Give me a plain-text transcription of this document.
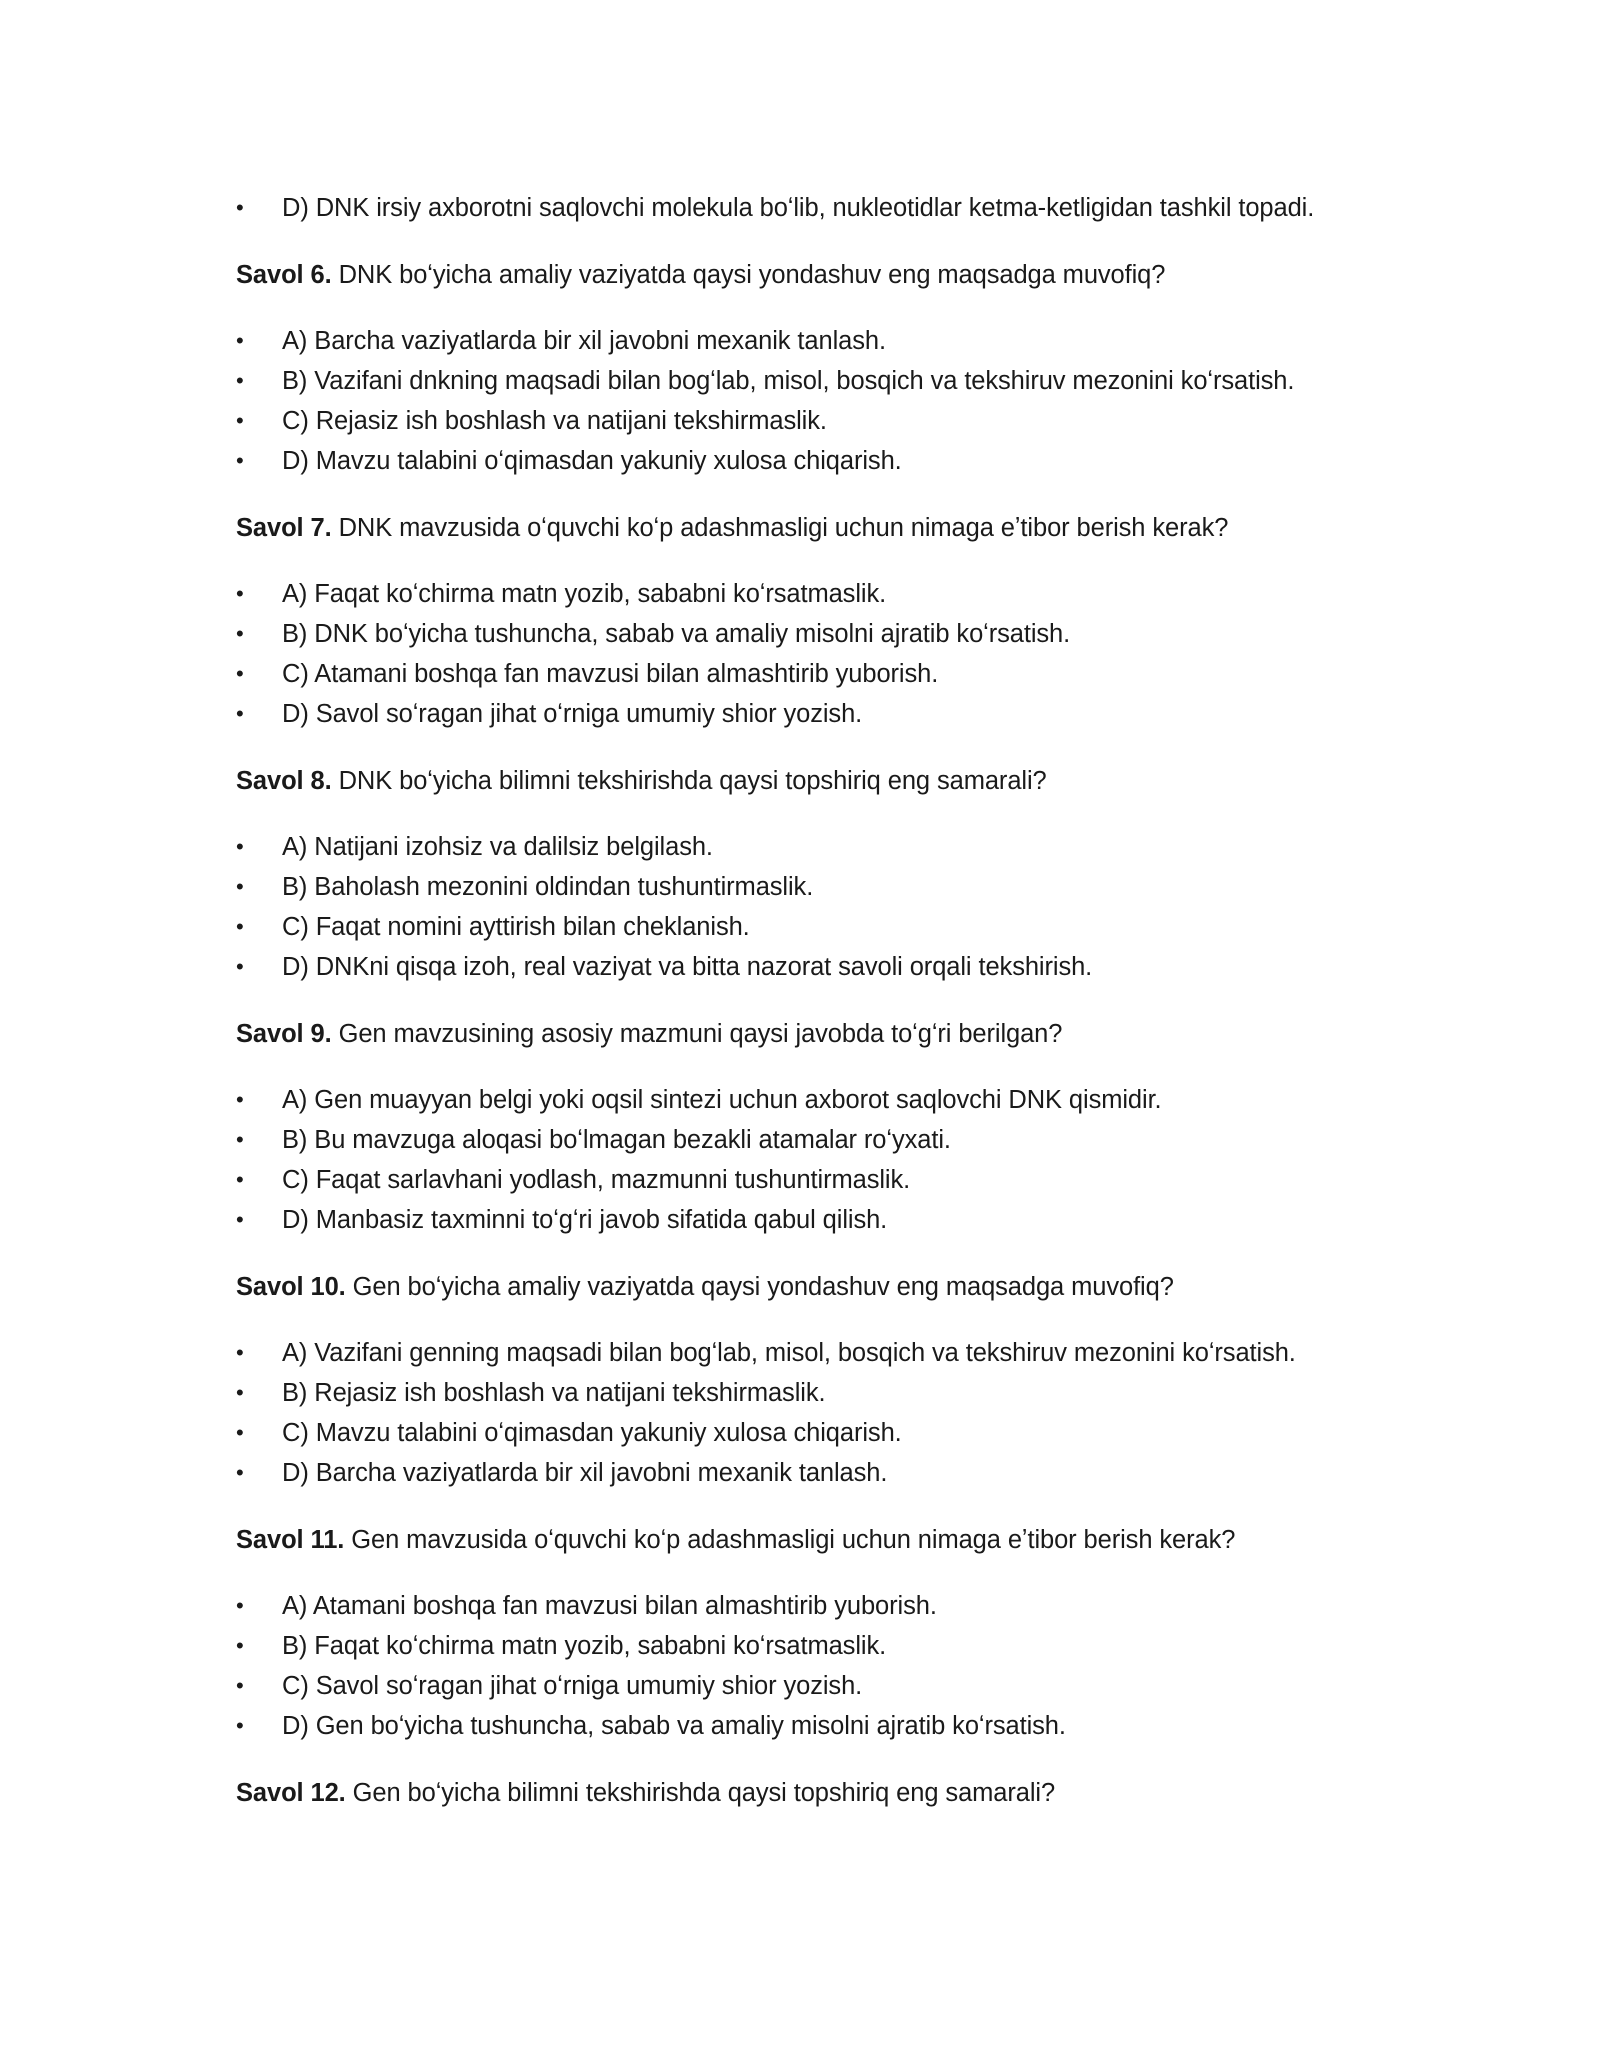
•	D) DNK irsiy axborotni saqlovchi molekula boʻlib, nukleotidlar ketma-ketligidan tashkil topadi.

Savol 6. DNK boʻyicha amaliy vaziyatda qaysi yondashuv eng maqsadga muvofiq?

•	A) Barcha vaziyatlarda bir xil javobni mexanik tanlash.
•	B) Vazifani dnkning maqsadi bilan bogʻlab, misol, bosqich va tekshiruv mezonini koʻrsatish.
•	C) Rejasiz ish boshlash va natijani tekshirmaslik.
•	D) Mavzu talabini oʻqimasdan yakuniy xulosa chiqarish.

Savol 7. DNK mavzusida oʻquvchi koʻp adashmasligi uchun nimaga eʼtibor berish kerak?

•	A) Faqat koʻchirma matn yozib, sababni koʻrsatmaslik.
•	B) DNK boʻyicha tushuncha, sabab va amaliy misolni ajratib koʻrsatish.
•	C) Atamani boshqa fan mavzusi bilan almashtirib yuborish.
•	D) Savol soʻragan jihat oʻrniga umumiy shior yozish.

Savol 8. DNK boʻyicha bilimni tekshirishda qaysi topshiriq eng samarali?

•	A) Natijani izohsiz va dalilsiz belgilash.
•	B) Baholash mezonini oldindan tushuntirmaslik.
•	C) Faqat nomini ayttirish bilan cheklanish.
•	D) DNKni qisqa izoh, real vaziyat va bitta nazorat savoli orqali tekshirish.

Savol 9. Gen mavzusining asosiy mazmuni qaysi javobda toʻgʻri berilgan?

•	A) Gen muayyan belgi yoki oqsil sintezi uchun axborot saqlovchi DNK qismidir.
•	B) Bu mavzuga aloqasi boʻlmagan bezakli atamalar roʻyxati.
•	C) Faqat sarlavhani yodlash, mazmunni tushuntirmaslik.
•	D) Manbasiz taxminni toʻgʻri javob sifatida qabul qilish.

Savol 10. Gen boʻyicha amaliy vaziyatda qaysi yondashuv eng maqsadga muvofiq?

•	A) Vazifani genning maqsadi bilan bogʻlab, misol, bosqich va tekshiruv mezonini koʻrsatish.
•	B) Rejasiz ish boshlash va natijani tekshirmaslik.
•	C) Mavzu talabini oʻqimasdan yakuniy xulosa chiqarish.
•	D) Barcha vaziyatlarda bir xil javobni mexanik tanlash.

Savol 11. Gen mavzusida oʻquvchi koʻp adashmasligi uchun nimaga eʼtibor berish kerak?

•	A) Atamani boshqa fan mavzusi bilan almashtirib yuborish.
•	B) Faqat koʻchirma matn yozib, sababni koʻrsatmaslik.
•	C) Savol soʻragan jihat oʻrniga umumiy shior yozish.
•	D) Gen boʻyicha tushuncha, sabab va amaliy misolni ajratib koʻrsatish.

Savol 12. Gen boʻyicha bilimni tekshirishda qaysi topshiriq eng samarali?
